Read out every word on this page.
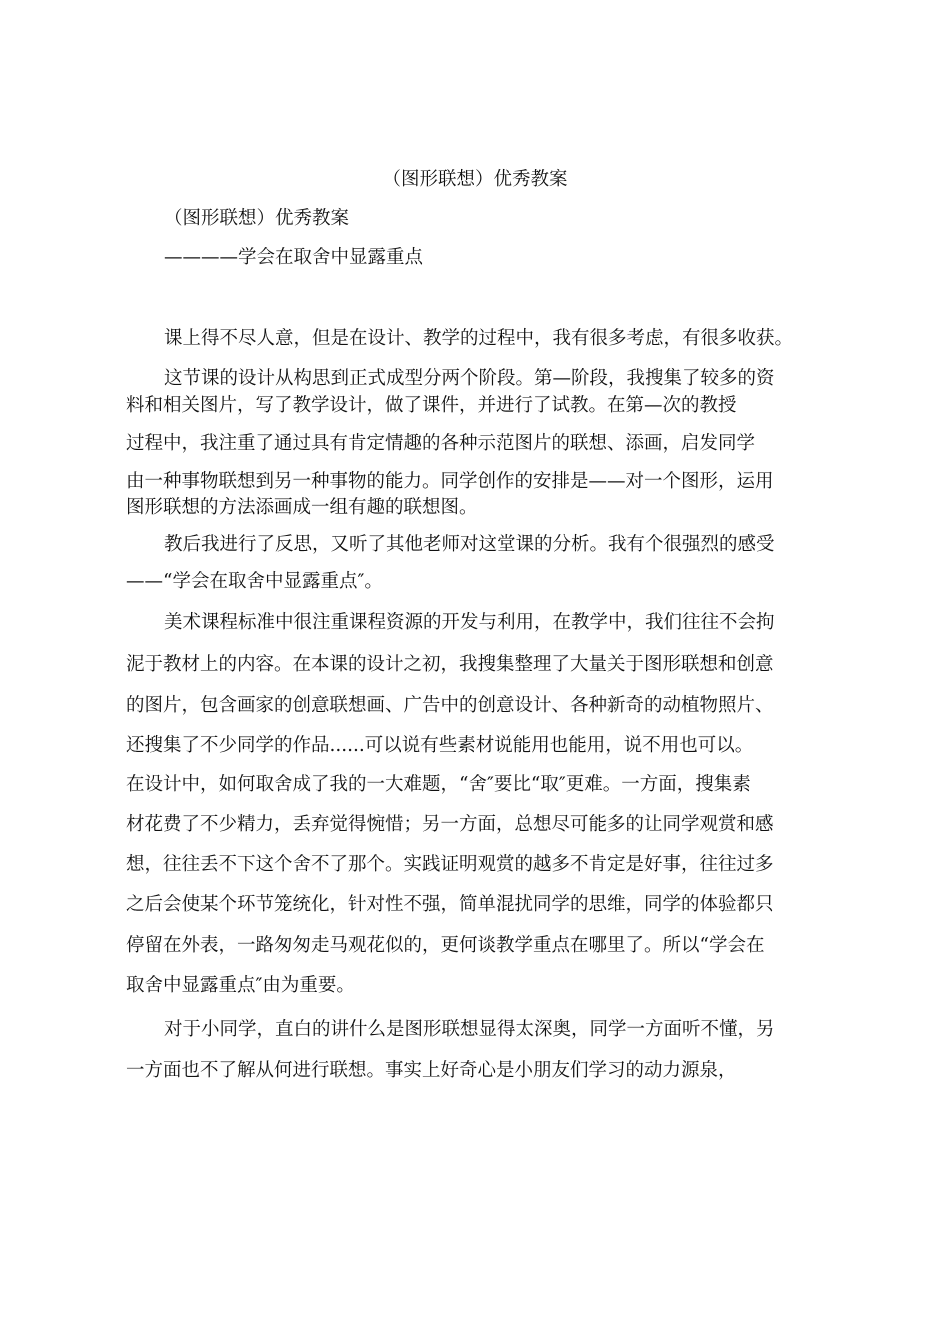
（图形联想）优秀教案
（图形联想）优秀教案
————学会在取舍中显露重点
课上得不尽人意，但是在设计、教学的过程中，我有很多考虑，有很多收获。
这节课的设计从构思到正式成型分两个阶段。第—阶段，我搜集了较多的资
料和相关图片，写了教学设计，做了课件，并进行了试教。在第—次的教授
过程中，我注重了通过具有肯定情趣的各种示范图片的联想、添画，启发同学
由一种事物联想到另一种事物的能力。同学创作的安排是——对一个图形，运用
图形联想的方法添画成一组有趣的联想图。
教后我进行了反思，又听了其他老师对这堂课的分析。我有个很强烈的感受
——“学会在取舍中显露重点″。
美术课程标准中很注重课程资源的开发与利用，在教学中，我们往往不会拘
泥于教材上的内容。在本课的设计之初，我搜集整理了大量关于图形联想和创意
的图片，包含画家的创意联想画、广告中的创意设计、各种新奇的动植物照片、
还搜集了不少同学的作品......可以说有些素材说能用也能用，说不用也可以。
在设计中，如何取舍成了我的一大难题，“舍″要比“取″更难。一方面，搜集素
材花费了不少精力，丢弃觉得惋惜；另一方面，总想尽可能多的让同学观赏和感
想，往往丢不下这个舍不了那个。实践证明观赏的越多不肯定是好事，往往过多
之后会使某个环节笼统化，针对性不强，简单混扰同学的思维，同学的体验都只
停留在外表，一路匆匆走马观花似的，更何谈教学重点在哪里了。所以“学会在
取舍中显露重点″由为重要。
对于小同学，直白的讲什么是图形联想显得太深奥，同学一方面听不懂，另
一方面也不了解从何进行联想。事实上好奇心是小朋友们学习的动力源泉，
